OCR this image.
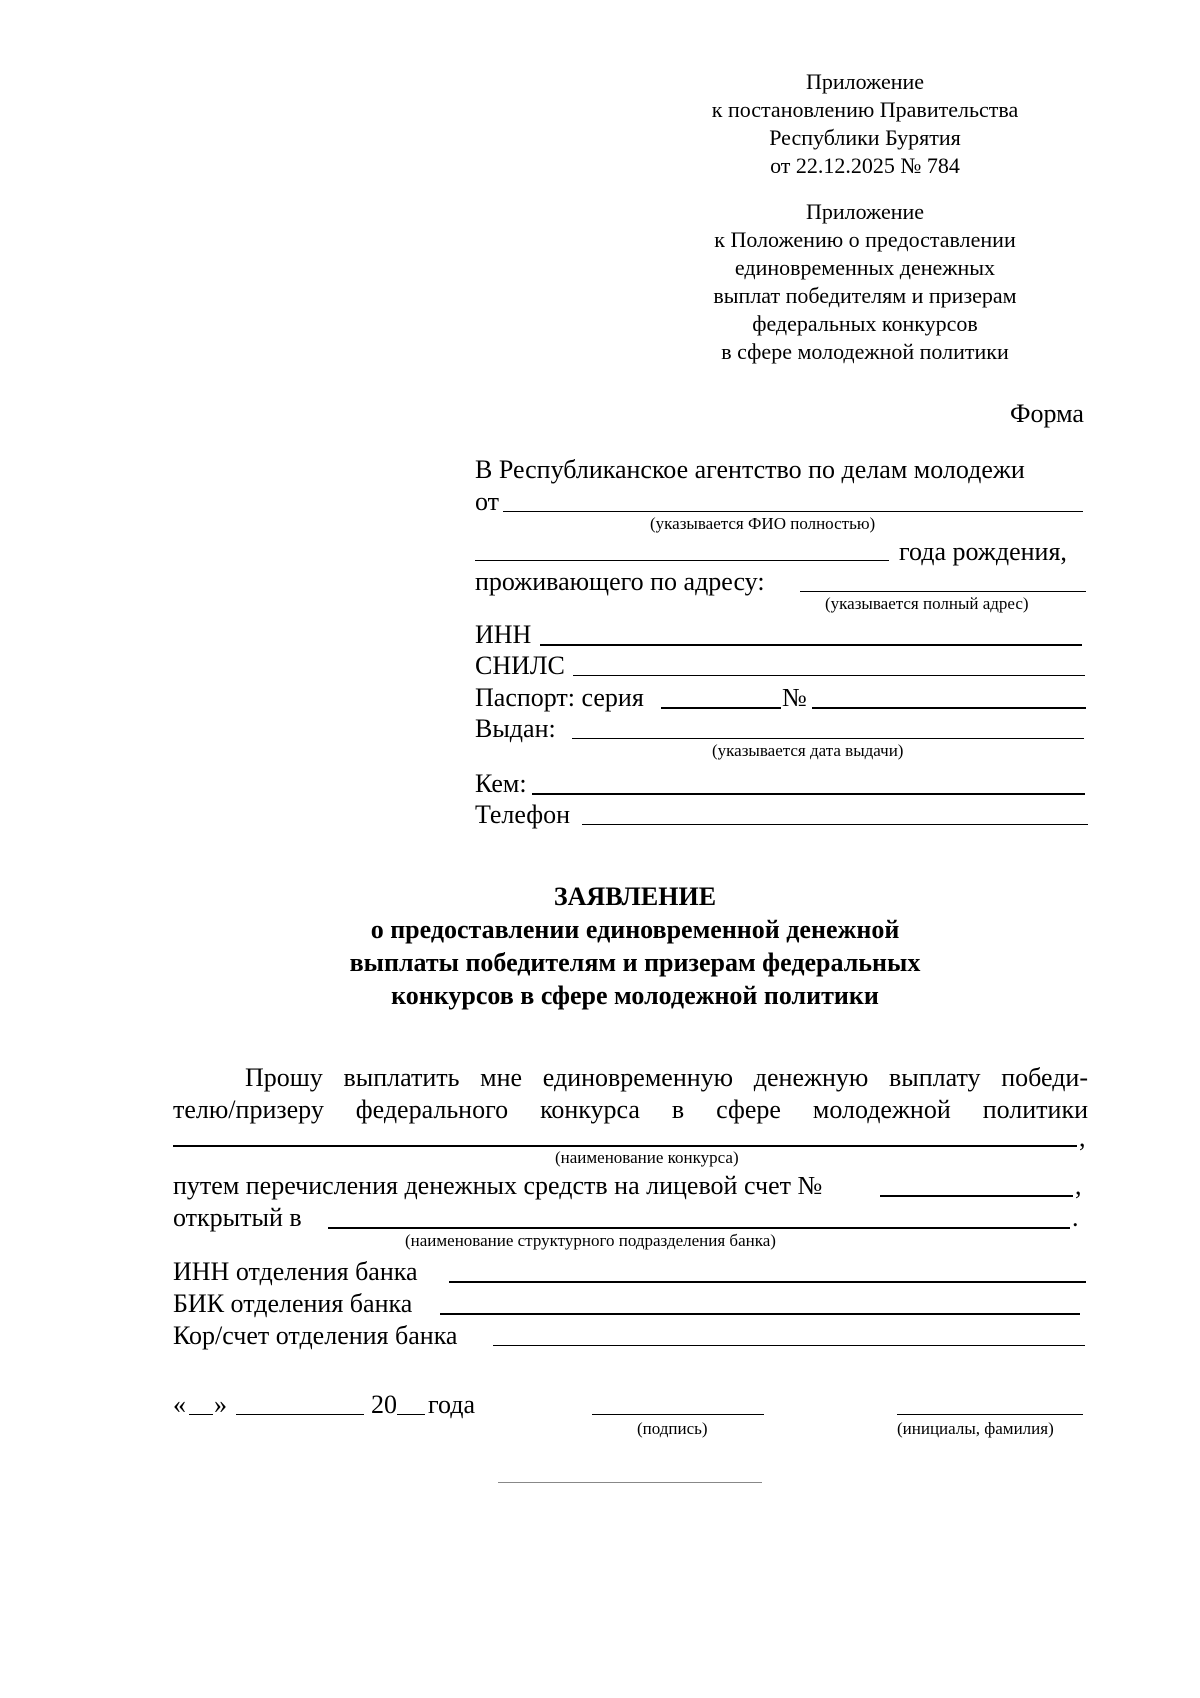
Приложение
к постановлению Правительства
Республики Бурятия
от 22.12.2025 № 784
Приложение
к Положению о предоставлении
единовременных денежных
выплат победителям и призерам
федеральных конкурсов
в сфере молодежной политики
Форма
В Республиканское агентство по делам молодежи
от
(указывается ФИО полностью)
года рождения,
проживающего по адресу:
(указывается полный адрес)
ИНН
СНИЛС
Паспорт: серия	№
Выдан:
(указывается дата выдачи)
Кем:
Телефон
ЗАЯВЛЕНИЕ
о предоставлении единовременной денежной
выплаты победителям и призерам федеральных
конкурсов в сфере молодежной политики
Прошу выплатить мне единовременную денежную выплату победи-
телю/призеру федерального конкурса в сфере молодежной политики
,
(наименование конкурса)
путем перечисления денежных средств на лицевой счет №	,
открытый в	.
(наименование структурного подразделения банка)
ИНН отделения банка
БИК отделения банка
Кор/счет отделения банка
« »	20 года
(подпись)	(инициалы, фамилия)
